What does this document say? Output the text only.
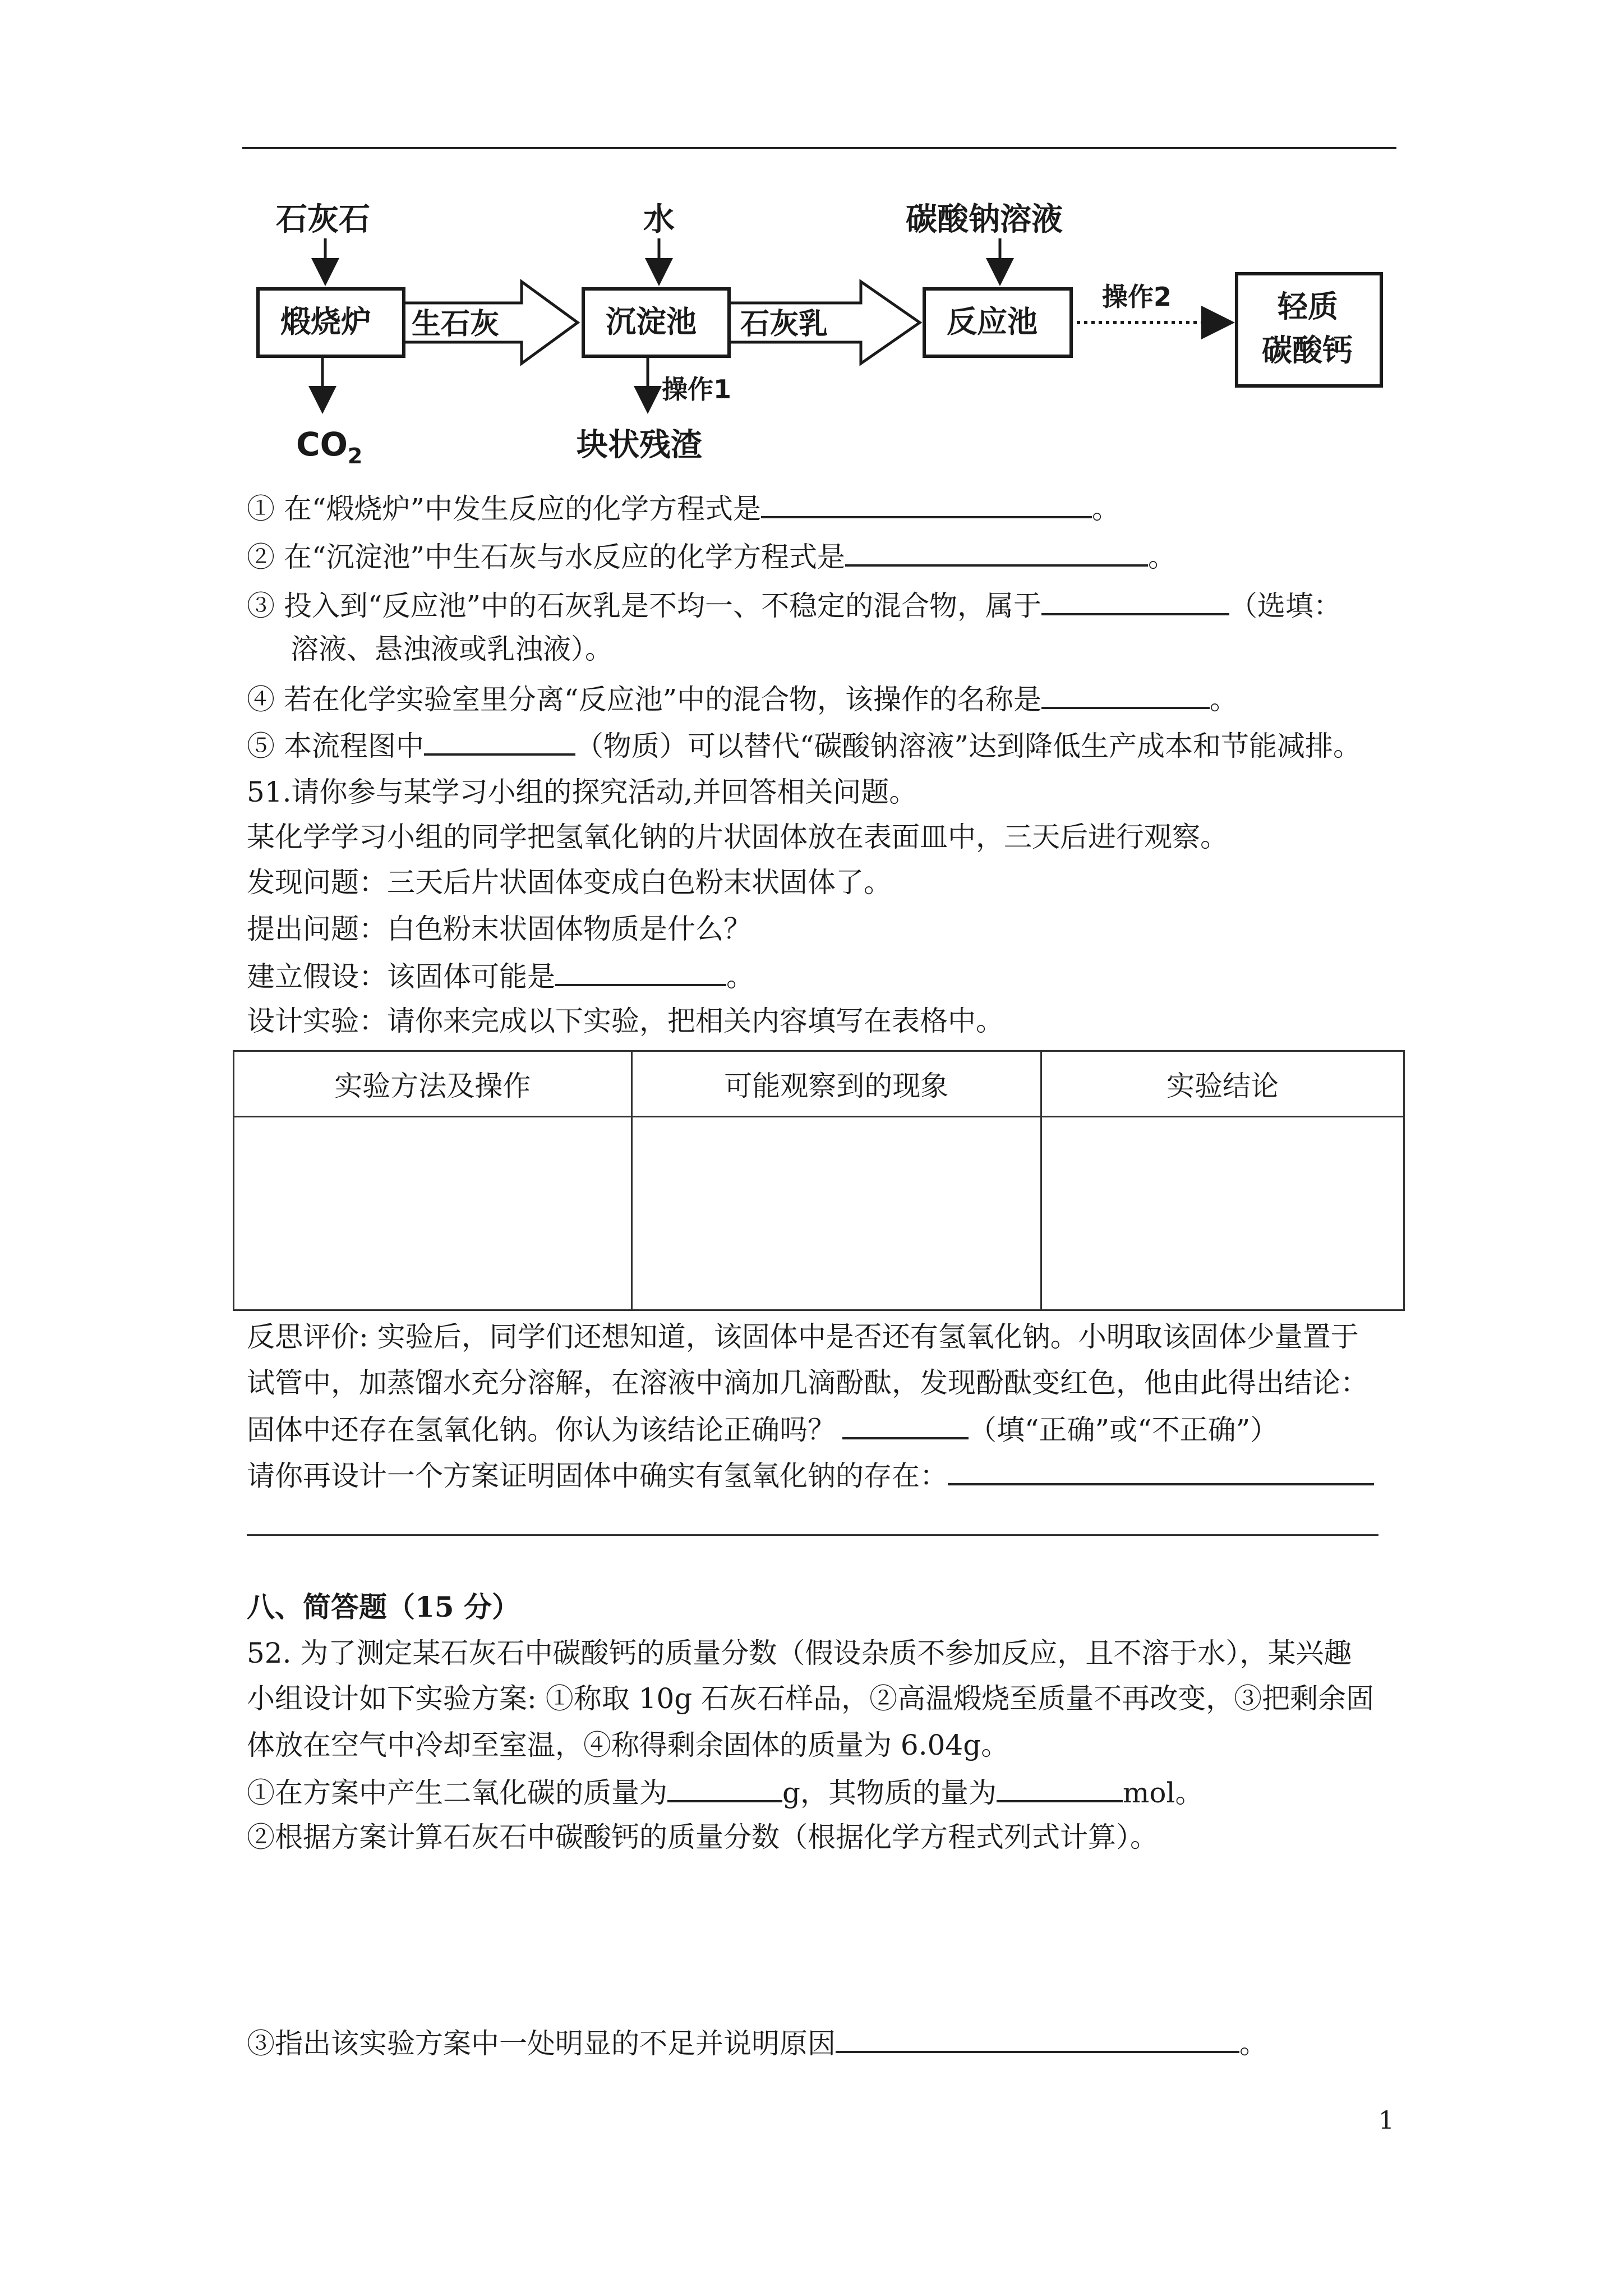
石灰石	水	碳酸钠溶液
煅烧炉	沉淀池	反应池	轻质
碳酸钙
生石灰	石灰乳
操作2
$CO_2$
操作1
块状残渣
① 在“煅烧炉”中发生反应的化学方程式是	。
② 在“沉淀池”中生石灰与水反应的化学方程式是	。
③ 投入到“反应池”中的石灰乳是不均一、不稳定的混合物，属于	（选填：
溶液、悬浊液或乳浊液）。
④ 若在化学实验室里分离“反应池”中的混合物，该操作的名称是	。
⑤ 本流程图中	（物质）可以替代“碳酸钠溶液”达到降低生产成本和节能减排。
51.请你参与某学习小组的探究活动,并回答相关问题。
某化学学习小组的同学把氢氧化钠的片状固体放在表面皿中，三天后进行观察。
发现问题：三天后片状固体变成白色粉末状固体了。
提出问题：白色粉末状固体物质是什么？
建立假设：该固体可能是	。
设计实验：请你来完成以下实验，把相关内容填写在表格中。
实验方法及操作	可能观察到的现象	实验结论

反思评价: 实验后，同学们还想知道，该固体中是否还有氢氧化钠。小明取该固体少量置于
试管中，加蒸馏水充分溶解，在溶液中滴加几滴酚酞，发现酚酞变红色，他由此得出结论：
固体中还存在氢氧化钠。你认为该结论正确吗？	（填“正确”或“不正确”）
请你再设计一个方案证明固体中确实有氢氧化钠的存在：
八、简答题（15 分）
52. 为了测定某石灰石中碳酸钙的质量分数（假设杂质不参加反应，且不溶于水），某兴趣
小组设计如下实验方案: ①称取 10g 石灰石样品，②高温煅烧至质量不再改变，③把剩余固
体放在空气中冷却至室温，④称得剩余固体的质量为 6.04g。
①在方案中产生二氧化碳的质量为	g，其物质的量为	mol。
②根据方案计算石灰石中碳酸钙的质量分数（根据化学方程式列式计算）。
③指出该实验方案中一处明显的不足并说明原因	。
1
